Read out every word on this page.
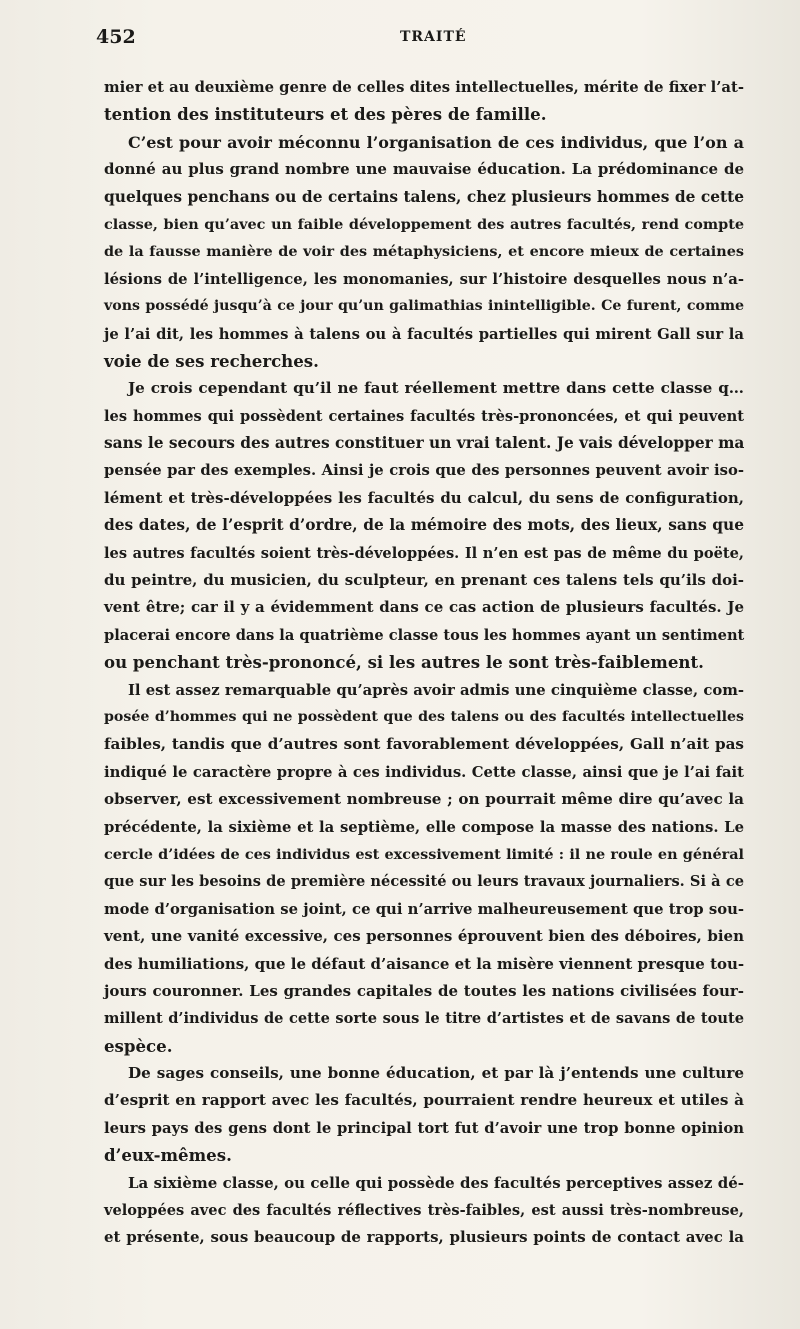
452	TRAITÉ
mier et au deuxième genre de celles dites intellectuelles, mérite de fixer l’at-
tention des instituteurs et des pères de famille.
C’est pour avoir méconnu l’organisation de ces individus, que l’on a
donné au plus grand nombre une mauvaise éducation. La prédominance de
quelques penchans ou de certains talens, chez plusieurs hommes de cette
classe, bien qu’avec un faible développement des autres facultés, rend compte
de la fausse manière de voir des métaphysiciens, et encore mieux de certaines
lésions de l’intelligence, les monomanies, sur l’histoire desquelles nous n’a-
vons possédé jusqu’à ce jour qu’un galimathias inintelligible. Ce furent, comme
je l’ai dit, les hommes à talens ou à facultés partielles qui mirent Gall sur la
voie de ses recherches.
Je crois cependant qu’il ne faut réellement mettre dans cette classe q…
les hommes qui possèdent certaines facultés très-prononcées, et qui peuvent
sans le secours des autres constituer un vrai talent. Je vais développer ma
pensée par des exemples. Ainsi je crois que des personnes peuvent avoir iso-
lément et très-développées les facultés du calcul, du sens de configuration,
des dates, de l’esprit d’ordre, de la mémoire des mots, des lieux, sans que
les autres facultés soient très-développées. Il n’en est pas de même du poëte,
du peintre, du musicien, du sculpteur, en prenant ces talens tels qu’ils doi-
vent être; car il y a évidemment dans ce cas action de plusieurs facultés. Je
placerai encore dans la quatrième classe tous les hommes ayant un sentiment
ou penchant très-prononcé, si les autres le sont très-faiblement.
Il est assez remarquable qu’après avoir admis une cinquième classe, com-
posée d’hommes qui ne possèdent que des talens ou des facultés intellectuelles
faibles, tandis que d’autres sont favorablement développées, Gall n’ait pas
indiqué le caractère propre à ces individus. Cette classe, ainsi que je l’ai fait
observer, est excessivement nombreuse ; on pourrait même dire qu’avec la
précédente, la sixième et la septième, elle compose la masse des nations. Le
cercle d’idées de ces individus est excessivement limité : il ne roule en général
que sur les besoins de première nécessité ou leurs travaux journaliers. Si à ce
mode d’organisation se joint, ce qui n’arrive malheureusement que trop sou-
vent, une vanité excessive, ces personnes éprouvent bien des déboires, bien
des humiliations, que le défaut d’aisance et la misère viennent presque tou-
jours couronner. Les grandes capitales de toutes les nations civilisées four-
millent d’individus de cette sorte sous le titre d’artistes et de savans de toute
espèce.
De sages conseils, une bonne éducation, et par là j’entends une culture
d’esprit en rapport avec les facultés, pourraient rendre heureux et utiles à
leurs pays des gens dont le principal tort fut d’avoir une trop bonne opinion
d’eux-mêmes.
La sixième classe, ou celle qui possède des facultés perceptives assez dé-
veloppées avec des facultés réflectives très-faibles, est aussi très-nombreuse,
et présente, sous beaucoup de rapports, plusieurs points de contact avec la
